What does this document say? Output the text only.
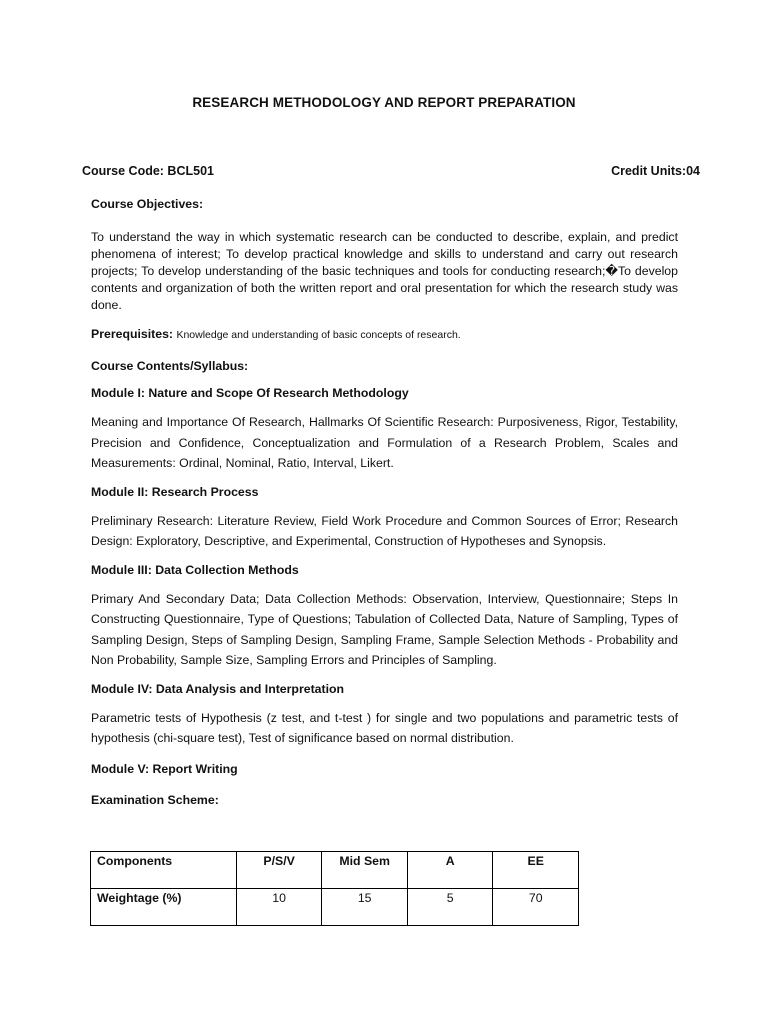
RESEARCH METHODOLOGY AND REPORT PREPARATION
Course Code: BCL501	Credit Units:04

Course Objectives:

To understand the way in which systematic research can be conducted to describe, explain, and predict phenomena of interest; To develop practical knowledge and skills to understand and carry out research projects; To develop understanding of the basic techniques and tools for conducting research;�To develop contents and organization of both the written report and oral presentation for which the research study was done.

Prerequisites: Knowledge and understanding of basic concepts of research.

Course Contents/Syllabus:

Module I: Nature and Scope Of Research Methodology

Meaning and Importance Of Research, Hallmarks Of Scientific Research: Purposiveness, Rigor, Testability, Precision and Confidence, Conceptualization and Formulation of a Research Problem, Scales and Measurements: Ordinal, Nominal, Ratio, Interval, Likert.

Module II: Research Process

Preliminary Research: Literature Review, Field Work Procedure and Common Sources of Error; Research Design: Exploratory, Descriptive, and Experimental, Construction of Hypotheses and Synopsis.

Module III: Data Collection Methods

Primary And Secondary Data; Data Collection Methods: Observation, Interview, Questionnaire; Steps In Constructing Questionnaire, Type of Questions; Tabulation of Collected Data, Nature of Sampling, Types of Sampling Design, Steps of Sampling Design, Sampling Frame, Sample Selection Methods - Probability and Non Probability, Sample Size, Sampling Errors and Principles of Sampling.

Module IV: Data Analysis and Interpretation

Parametric tests of Hypothesis (z test, and t-test ) for single and two populations and parametric tests of hypothesis (chi-square test), Test of significance based on normal distribution.

Module V: Report Writing

Examination Scheme:

Components	P/S/V	Mid Sem	A	EE
Weightage (%)	10	15	5	70
